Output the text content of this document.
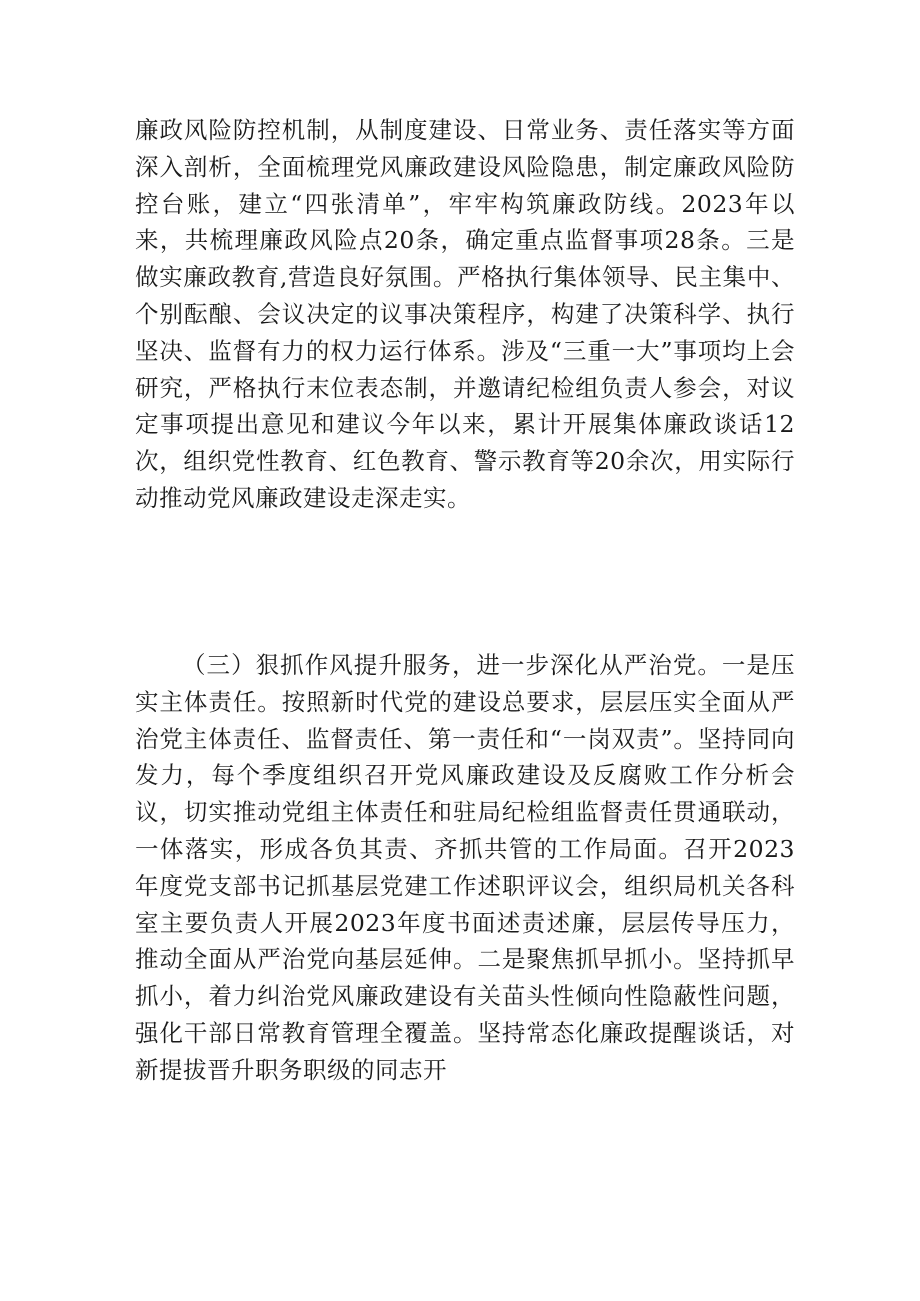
廉政风险防控机制，从制度建设、日常业务、责任落实等方面深入剖析，全面梳理党风廉政建设风险隐患，制定廉政风险防控台账，建立“四张清单”，牢牢构筑廉政防线。2023年以来，共梳理廉政风险点20条，确定重点监督事项28条。三是做实廉政教育,营造良好氛围。严格执行集体领导、民主集中、个别酝酿、会议决定的议事决策程序，构建了决策科学、执行坚决、监督有力的权力运行体系。涉及“三重一大”事项均上会研究，严格执行末位表态制，并邀请纪检组负责人参会，对议定事项提出意见和建议今年以来，累计开展集体廉政谈话12次，组织党性教育、红色教育、警示教育等20余次，用实际行动推动党风廉政建设走深走实。

（三）狠抓作风提升服务，进一步深化从严治党。一是压实主体责任。按照新时代党的建设总要求，层层压实全面从严治党主体责任、监督责任、第一责任和“一岗双责”。坚持同向发力，每个季度组织召开党风廉政建设及反腐败工作分析会议，切实推动党组主体责任和驻局纪检组监督责任贯通联动，一体落实，形成各负其责、齐抓共管的工作局面。召开2023年度党支部书记抓基层党建工作述职评议会，组织局机关各科室主要负责人开展2023年度书面述责述廉，层层传导压力，推动全面从严治党向基层延伸。二是聚焦抓早抓小。坚持抓早抓小，着力纠治党风廉政建设有关苗头性倾向性隐蔽性问题，强化干部日常教育管理全覆盖。坚持常态化廉政提醒谈话，对新提拔晋升职务职级的同志开
